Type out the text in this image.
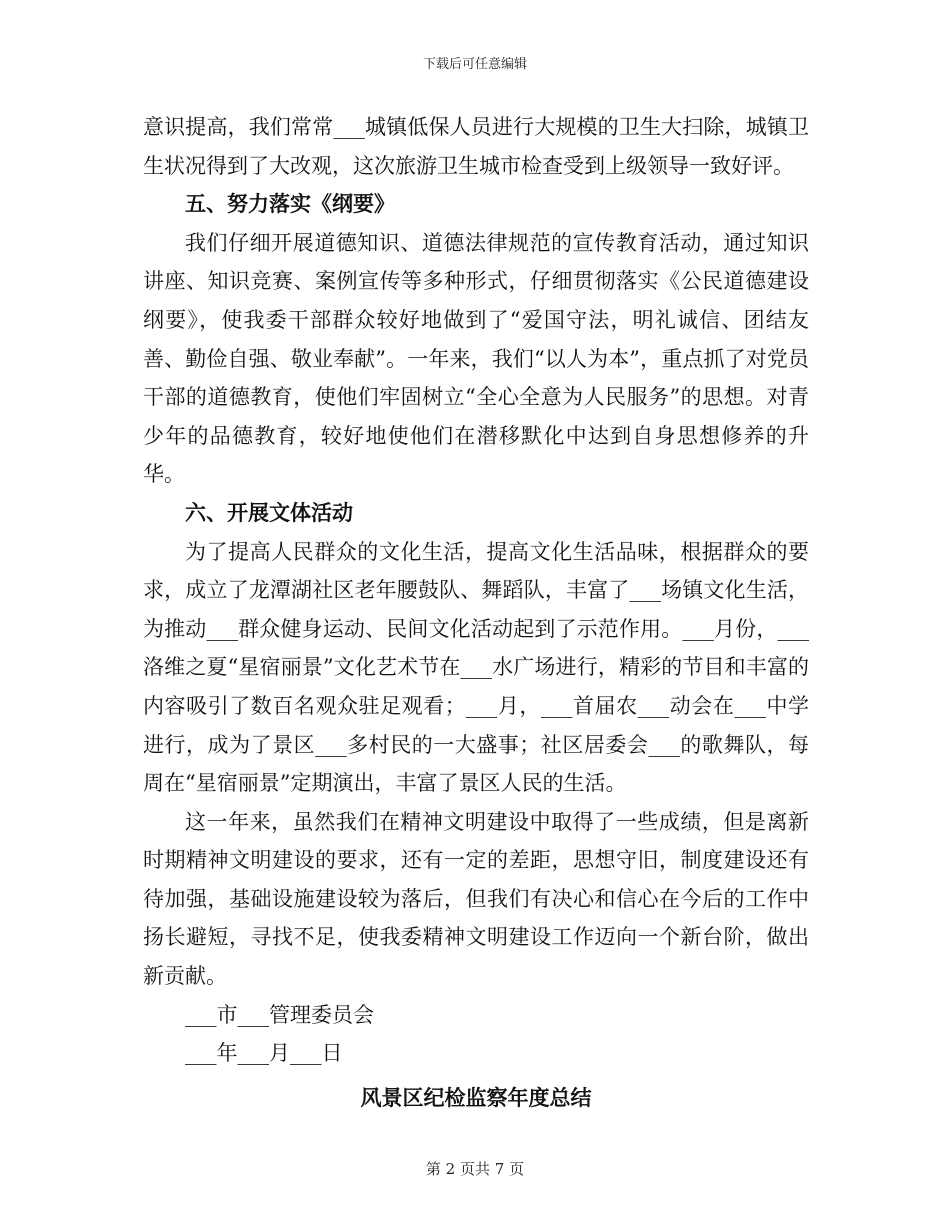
下载后可任意编辑

意识提高，我们常常___城镇低保人员进行大规模的卫生大扫除，城镇卫生状况得到了大改观，这次旅游卫生城市检查受到上级领导一致好评。

五、努力落实《纲要》

我们仔细开展道德知识、道德法律规范的宣传教育活动，通过知识讲座、知识竞赛、案例宣传等多种形式，仔细贯彻落实《公民道德建设纲要》，使我委干部群众较好地做到了“爱国守法，明礼诚信、团结友善、勤俭自强、敬业奉献”。一年来，我们“以人为本”，重点抓了对党员干部的道德教育，使他们牢固树立“全心全意为人民服务”的思想。对青少年的品德教育，较好地使他们在潜移默化中达到自身思想修养的升华。

六、开展文体活动

为了提高人民群众的文化生活，提高文化生活品味，根据群众的要求，成立了龙潭湖社区老年腰鼓队、舞蹈队，丰富了___场镇文化生活，为推动___群众健身运动、民间文化活动起到了示范作用。___月份，___洛维之夏“星宿丽景”文化艺术节在___水广场进行，精彩的节目和丰富的内容吸引了数百名观众驻足观看；___月，___首届农___动会在___中学进行，成为了景区___多村民的一大盛事；社区居委会___的歌舞队，每周在“星宿丽景”定期演出，丰富了景区人民的生活。

这一年来，虽然我们在精神文明建设中取得了一些成绩，但是离新时期精神文明建设的要求，还有一定的差距，思想守旧，制度建设还有待加强，基础设施建设较为落后，但我们有决心和信心在今后的工作中扬长避短，寻找不足，使我委精神文明建设工作迈向一个新台阶，做出新贡献。

___市___管理委员会

___年___月___日

风景区纪检监察年度总结

第 2 页共 7 页
